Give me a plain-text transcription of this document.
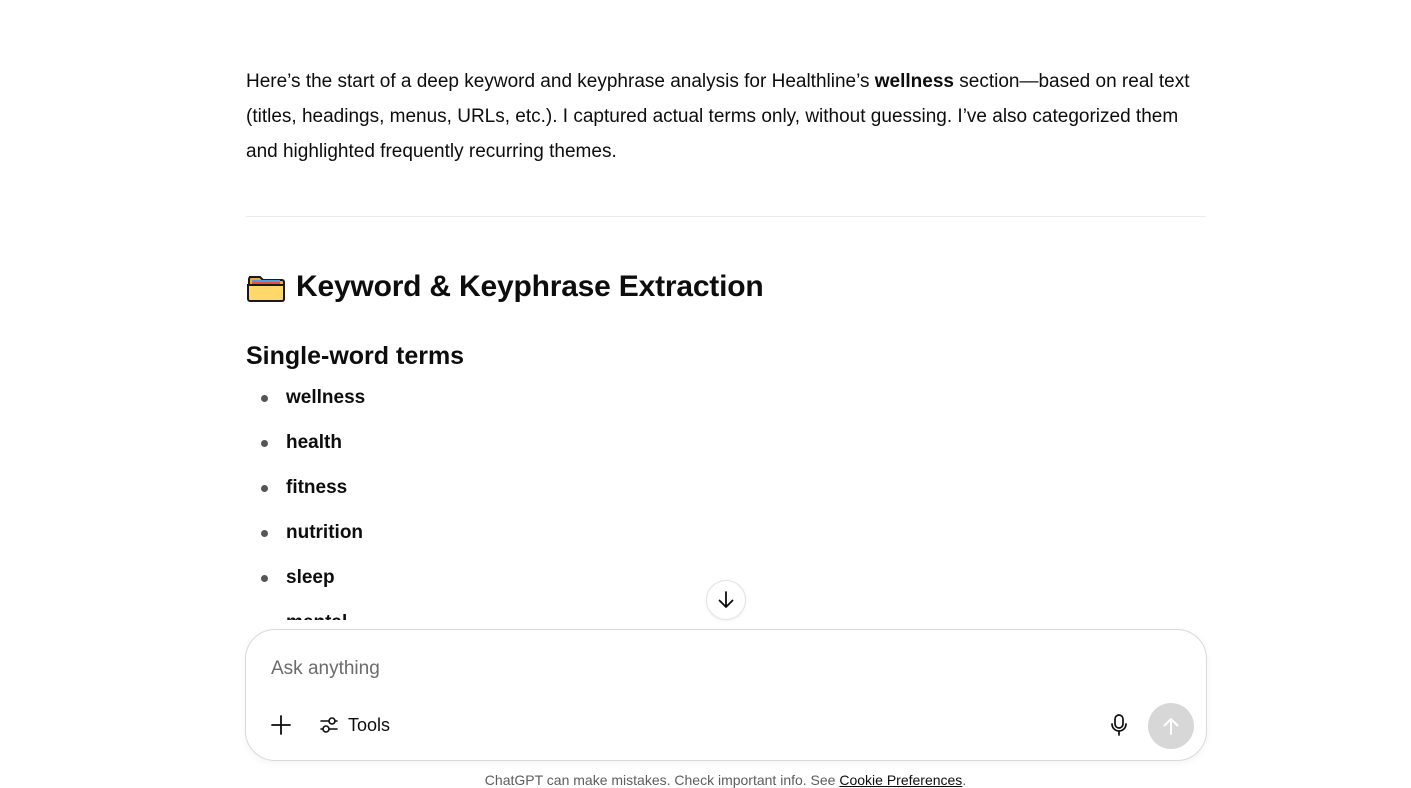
Here’s the start of a deep keyword and keyphrase analysis for Healthline’s wellness section—based on real text (titles, headings, menus, URLs, etc.). I captured actual terms only, without guessing. I’ve also categorized them and highlighted frequently recurring themes.

Keyword & Keyphrase Extraction
Single-word terms
wellness
health
fitness
nutrition
sleep
Ask anything
Tools
ChatGPT can make mistakes. Check important info. See Cookie Preferences.
